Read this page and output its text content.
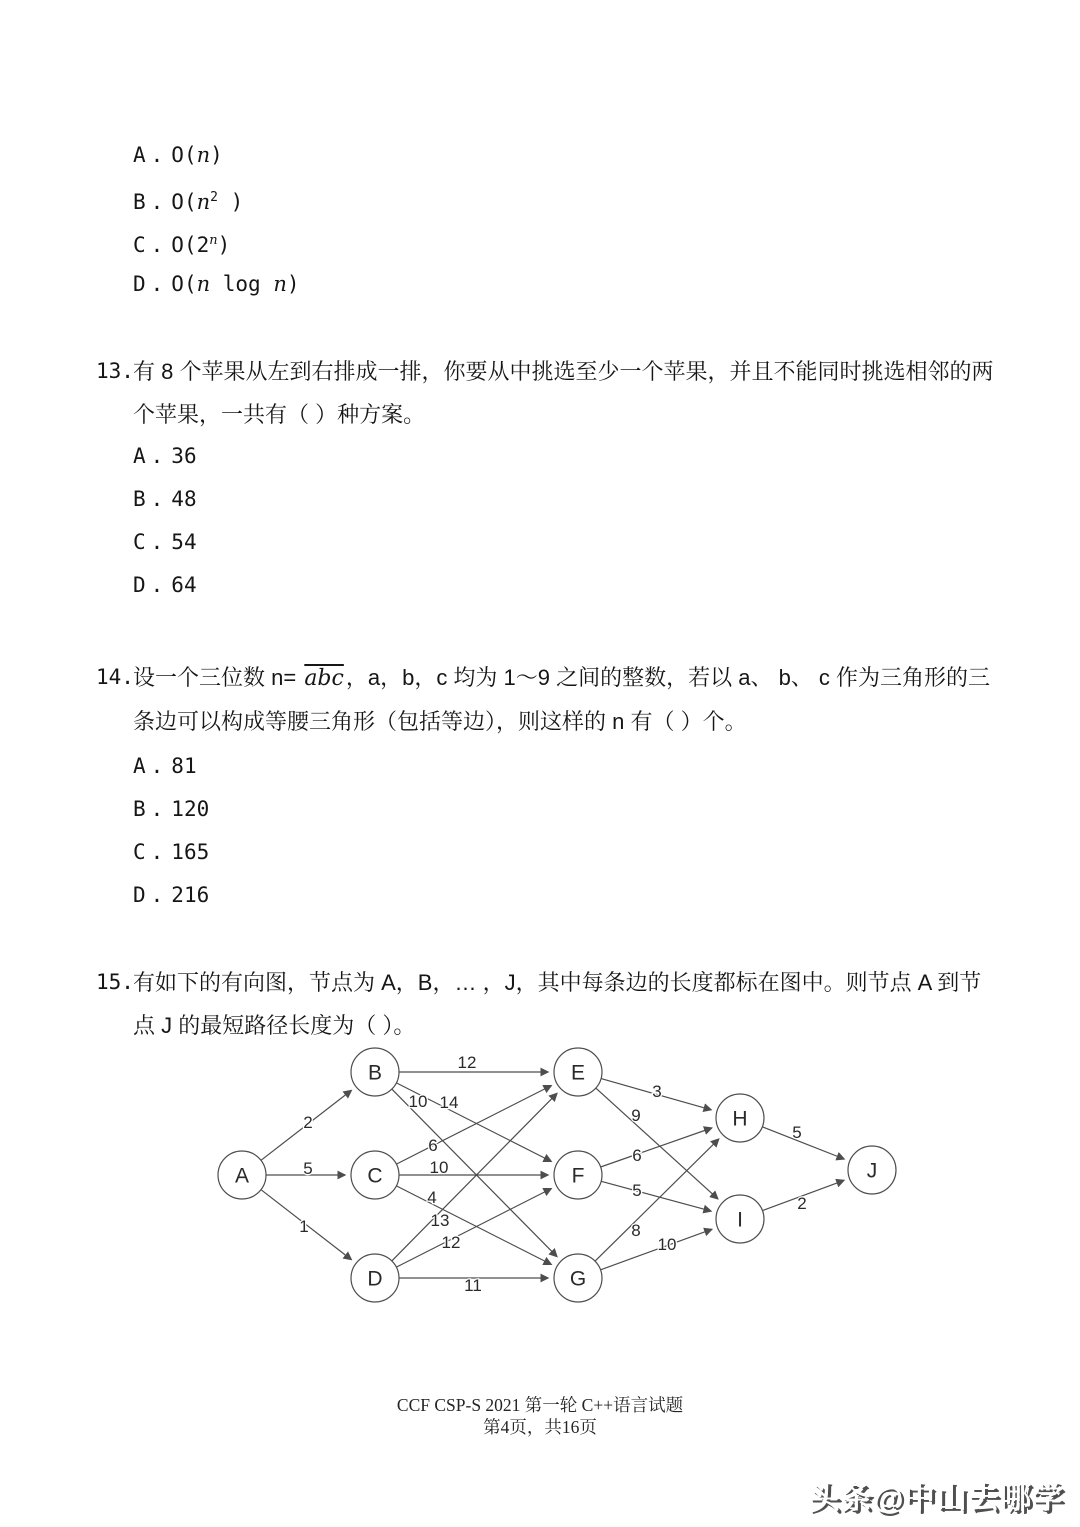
A. O(n)
B. $O(n^2$ )
C. O(2$^n$)
D. O(n log n)
13. 有 8 个苹果从左到右排成一排，你要从中挑选至少一个苹果，并且不能同时挑选相邻的两
个苹果，一共有（ ）种方案。
A. 36
B. 48
C. 54
D. 64
14. 设一个三位数 $n= \overline{abc}$，a，b，c 均为 1～9 之间的整数，若以 a、 b、 c 作为三角形的三
条边可以构成等腰三角形（包括等边），则这样的 n 有（ ）个。
A. 81
B. 120
C. 165
D. 216
15. 有如下的有向图，节点为 A，B，… ，J，其中每条边的长度都标在图中。则节点 A 到节
点 J 的最短路径长度为（ ）。
2
5
1
12
10 14
6
10
4
13
12
11
3
9
6
5
8
10
5
2
A
B
C
D
E
F
G
H
I
J
CCF CSP-S 2021 第一轮 C++语言试题
第4页，共16页
头条@中山去哪学
